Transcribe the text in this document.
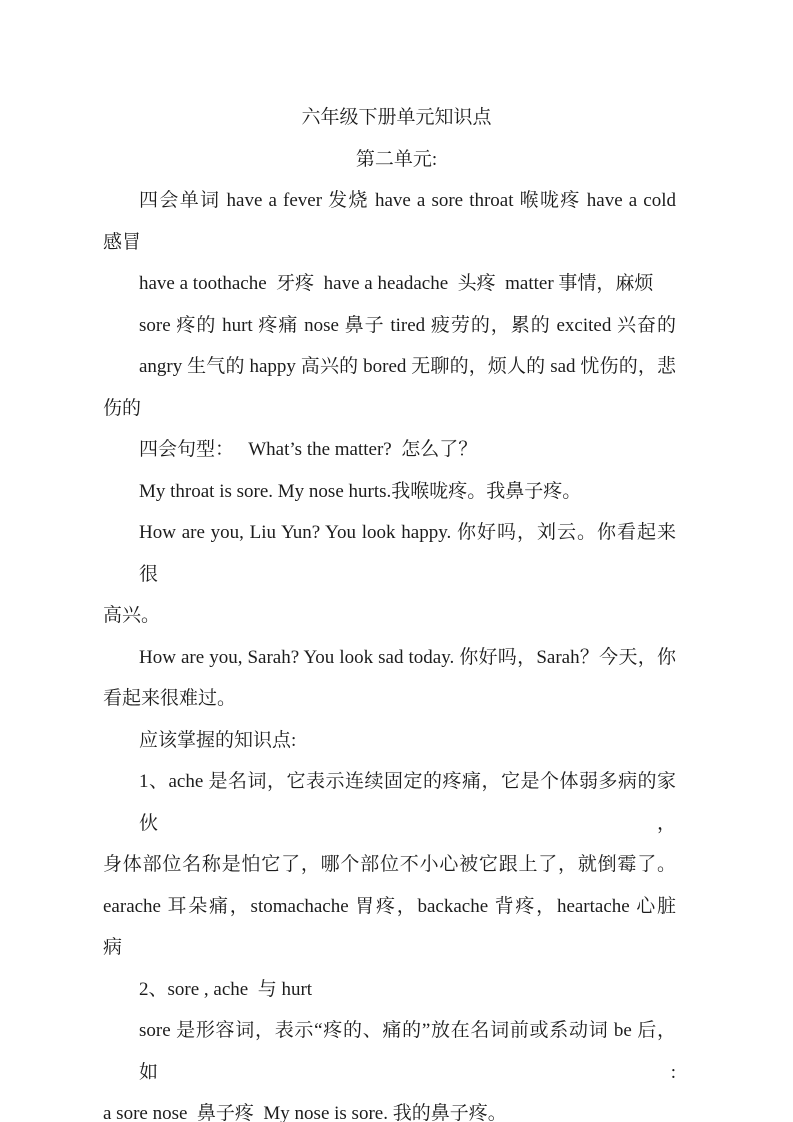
六年级下册单元知识点
第二单元:
四会单词 have a fever 发烧 have a sore throat 喉咙疼 have a cold
感冒
have a toothache  牙疼  have a headache  头疼  matter 事情，麻烦
sore 疼的 hurt 疼痛 nose 鼻子 tired 疲劳的，累的 excited 兴奋的
angry 生气的 happy 高兴的 bored 无聊的，烦人的 sad 忧伤的，悲
伤的
四会句型：   What’s the matter?  怎么了？
My throat is sore. My nose hurts.我喉咙疼。我鼻子疼。
How are you, Liu Yun? You look happy. 你好吗，刘云。你看起来很
高兴。
How are you, Sarah? You look sad today. 你好吗，Sarah？今天，你
看起来很难过。
应该掌握的知识点:
1、ache 是名词，它表示连续固定的疼痛，它是个体弱多病的家伙，
身体部位名称是怕它了，哪个部位不小心被它跟上了，就倒霉了。
earache 耳朵痛，stomachache 胃疼，backache 背疼，heartache 心脏
病
2、sore , ache  与 hurt
sore 是形容词，表示“疼的、痛的”放在名词前或系动词 be 后，如:
a sore nose  鼻子疼  My nose is sore. 我的鼻子疼。
